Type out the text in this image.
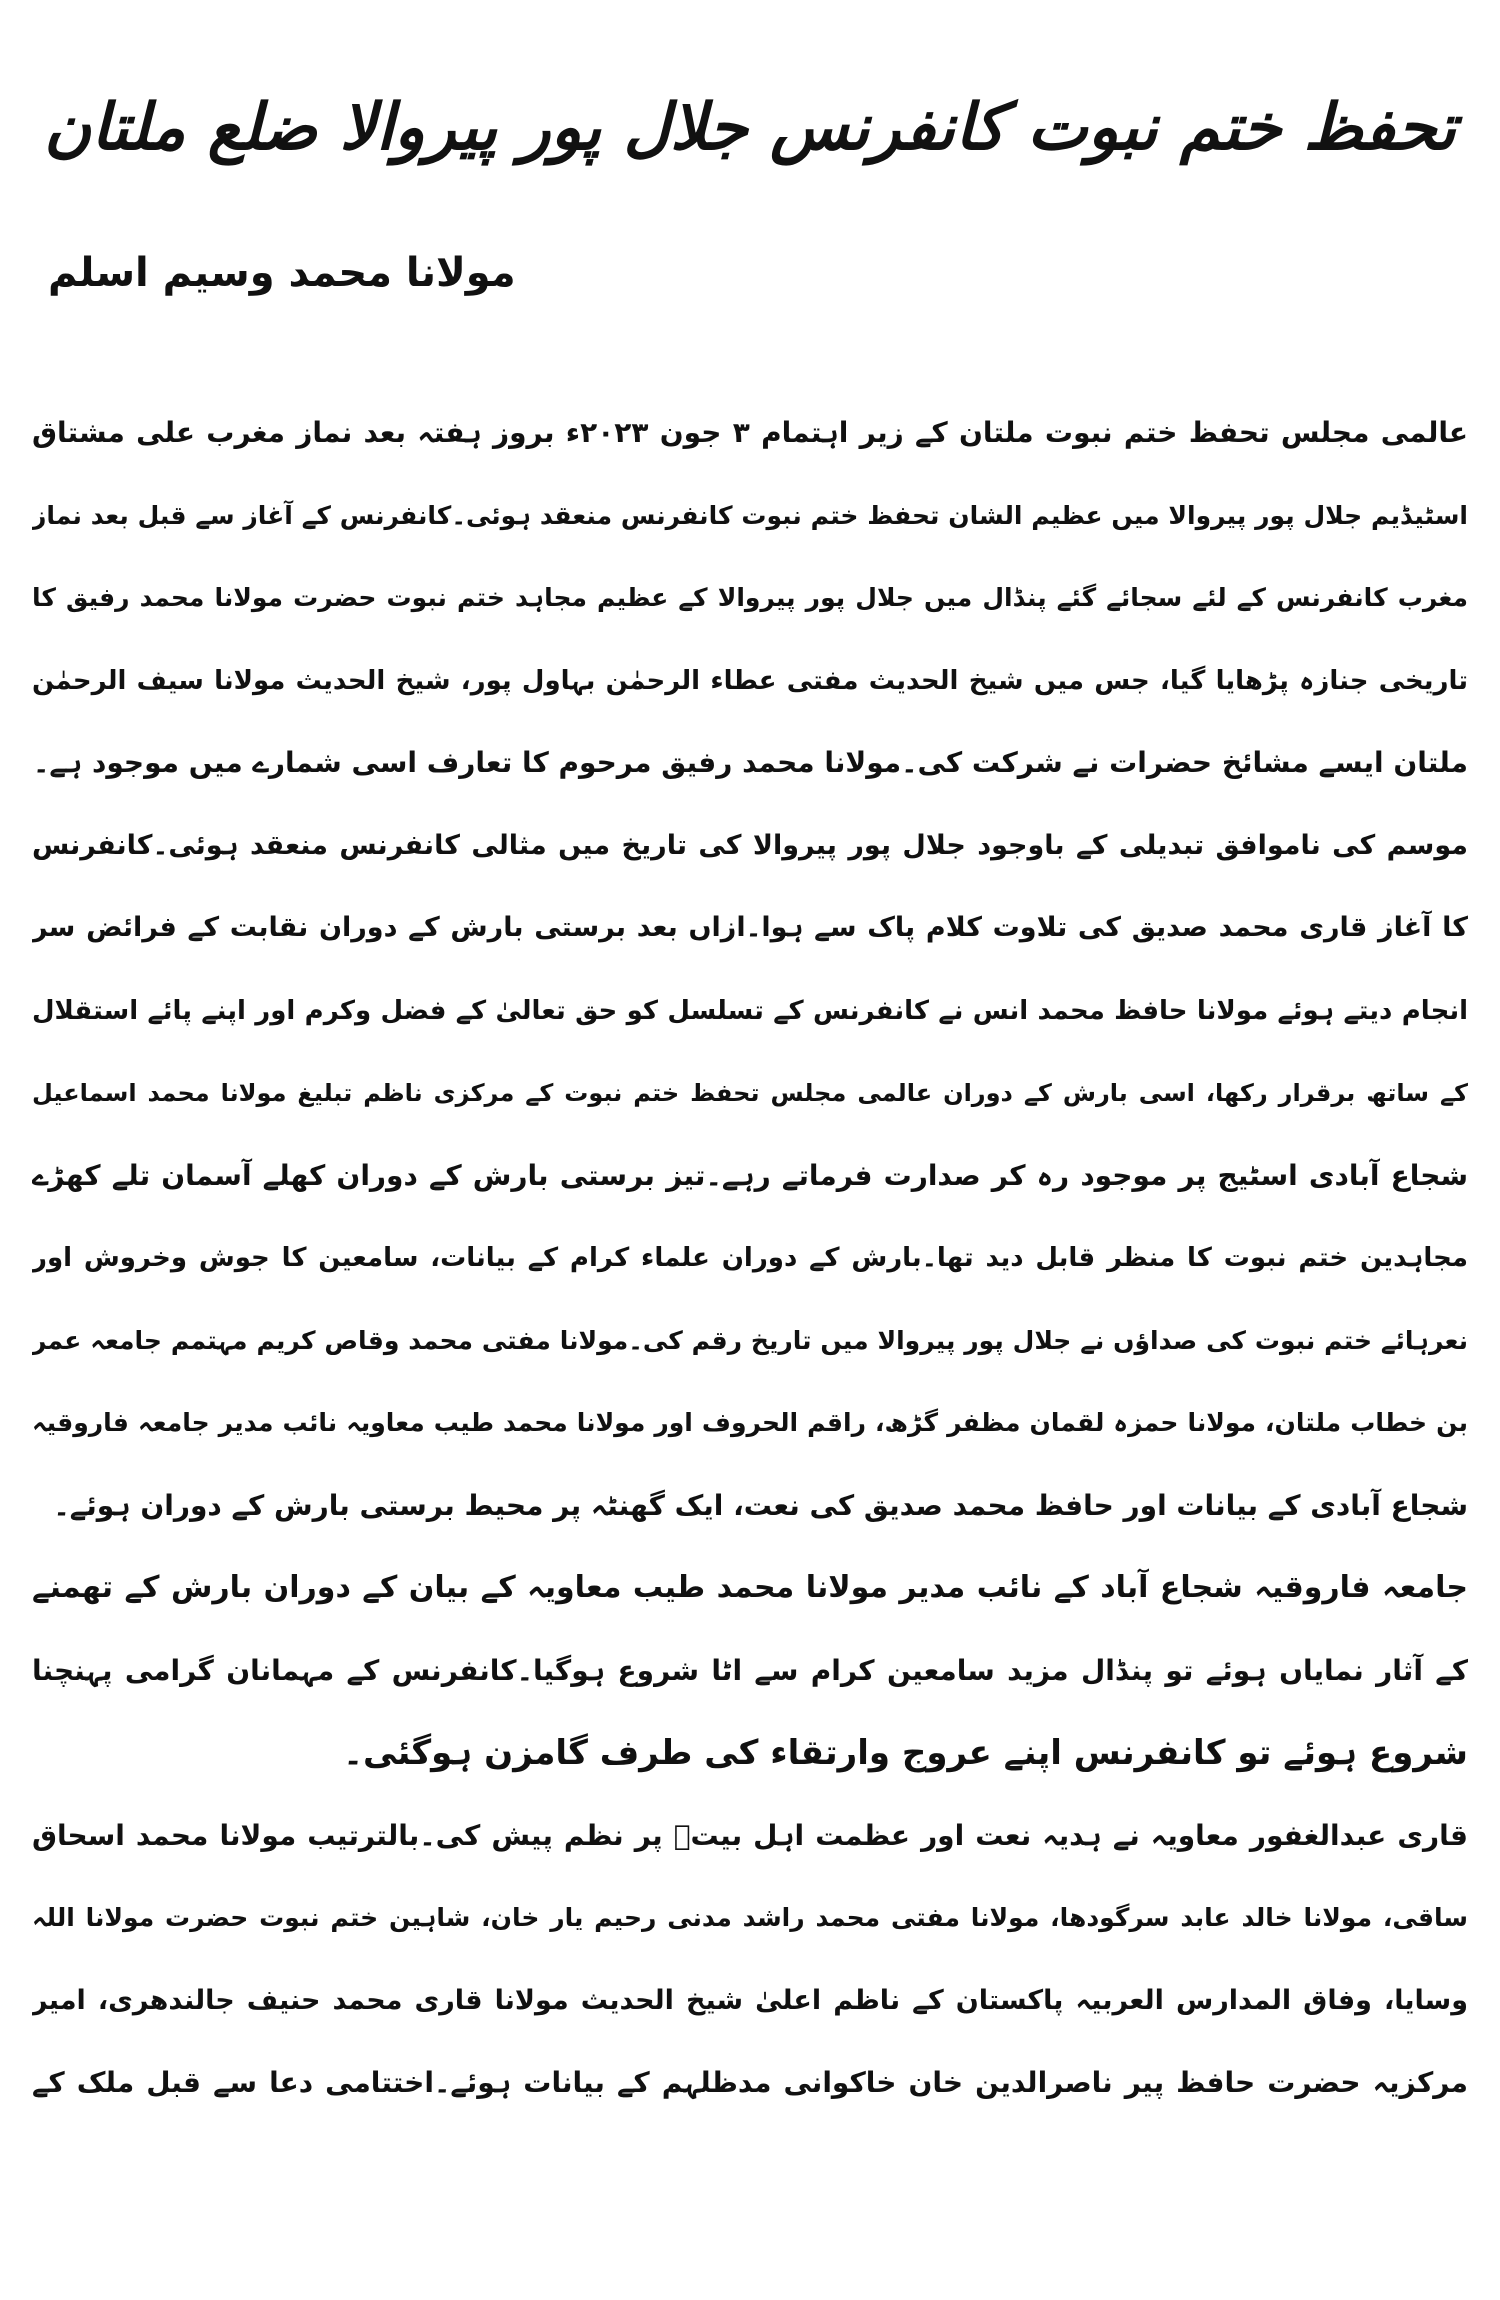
تحفظ ختم نبوت کانفرنس جلال پور پیروالا ضلع ملتان
مولانا محمد وسیم اسلم
عالمی مجلس تحفظ ختم نبوت ملتان کے زیر اہتمام ۳ جون ۲۰۲۳ء بروز ہفتہ بعد نماز مغرب علی مشتاق
اسٹیڈیم جلال پور پیروالا میں عظیم الشان تحفظ ختم نبوت کانفرنس منعقد ہوئی۔کانفرنس کے آغاز سے قبل بعد نماز
مغرب کانفرنس کے لئے سجائے گئے پنڈال میں جلال پور پیروالا کے عظیم مجاہد ختم نبوت حضرت مولانا محمد رفیق کا
تاریخی جنازہ پڑھایا گیا، جس میں شیخ الحدیث مفتی عطاء الرحمٰن بہاول پور، شیخ الحدیث مولانا سیف الرحمٰن
ملتان ایسے مشائخ حضرات نے شرکت کی۔مولانا محمد رفیق مرحوم کا تعارف اسی شمارے میں موجود ہے۔
موسم کی ناموافق تبدیلی کے باوجود جلال پور پیروالا کی تاریخ میں مثالی کانفرنس منعقد ہوئی۔کانفرنس
کا آغاز قاری محمد صدیق کی تلاوت کلام پاک سے ہوا۔ازاں بعد برستی بارش کے دوران نقابت کے فرائض سر
انجام دیتے ہوئے مولانا حافظ محمد انس نے کانفرنس کے تسلسل کو حق تعالیٰ کے فضل وکرم اور اپنے پائے استقلال
کے ساتھ برقرار رکھا، اسی بارش کے دوران عالمی مجلس تحفظ ختم نبوت کے مرکزی ناظم تبلیغ مولانا محمد اسماعیل
شجاع آبادی اسٹیج پر موجود رہ کر صدارت فرماتے رہے۔تیز برستی بارش کے دوران کھلے آسمان تلے کھڑے
مجاہدین ختم نبوت کا منظر قابل دید تھا۔بارش کے دوران علماء کرام کے بیانات، سامعین کا جوش وخروش اور
نعرہائے ختم نبوت کی صداؤں نے جلال پور پیروالا میں تاریخ رقم کی۔مولانا مفتی محمد وقاص کریم مہتمم جامعہ عمر
بن خطاب ملتان، مولانا حمزہ لقمان مظفر گڑھ، راقم الحروف اور مولانا محمد طیب معاویہ نائب مدیر جامعہ فاروقیہ
شجاع آبادی کے بیانات اور حافظ محمد صدیق کی نعت، ایک گھنٹہ پر محیط برستی بارش کے دوران ہوئے۔
جامعہ فاروقیہ شجاع آباد کے نائب مدیر مولانا محمد طیب معاویہ کے بیان کے دوران بارش کے تھمنے
کے آثار نمایاں ہوئے تو پنڈال مزید سامعین کرام سے اٹا شروع ہوگیا۔کانفرنس کے مہمانان گرامی پہنچنا
شروع ہوئے تو کانفرنس اپنے عروج وارتقاء کی طرف گامزن ہوگئی۔
قاری عبدالغفور معاویہ نے ہدیہ نعت اور عظمت اہل بیتؓ پر نظم پیش کی۔بالترتیب مولانا محمد اسحاق
ساقی، مولانا خالد عابد سرگودھا، مولانا مفتی محمد راشد مدنی رحیم یار خان، شاہین ختم نبوت حضرت مولانا اللہ
وسایا، وفاق المدارس العربیہ پاکستان کے ناظم اعلیٰ شیخ الحدیث مولانا قاری محمد حنیف جالندھری، امیر
مرکزیہ حضرت حافظ پیر ناصرالدین خان خاکوانی مدظلہم کے بیانات ہوئے۔اختتامی دعا سے قبل ملک کے
